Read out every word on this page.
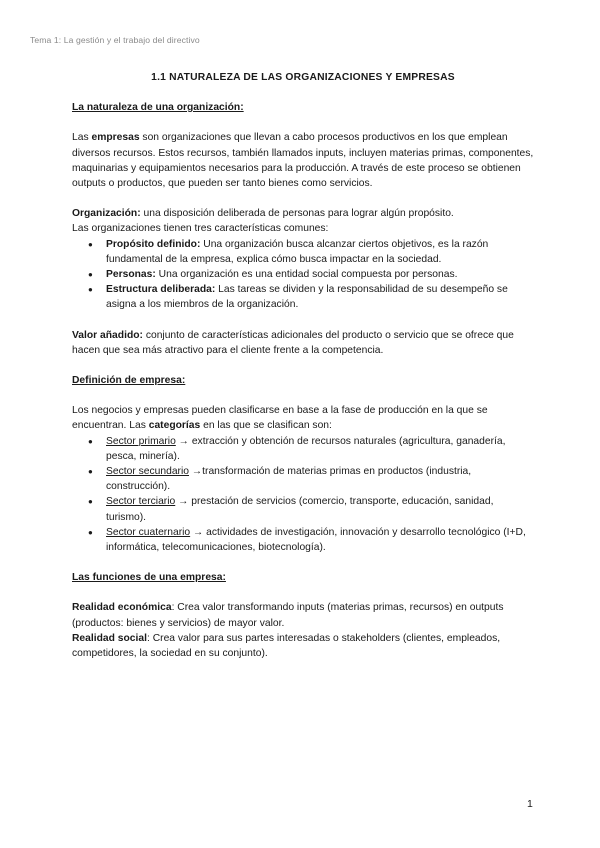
Tema 1: La gestión y el trabajo del directivo
1.1 NATURALEZA DE LAS ORGANIZACIONES Y EMPRESAS
La naturaleza de una organización:

Las empresas son organizaciones que llevan a cabo procesos productivos en los que emplean diversos recursos. Estos recursos, también llamados inputs, incluyen materias primas, componentes, maquinarias y equipamientos necesarios para la producción. A través de este proceso se obtienen outputs o productos, que pueden ser tanto bienes como servicios.

Organización: una disposición deliberada de personas para lograr algún propósito.

Las organizaciones tienen tres características comunes:

● Propósito definido: Una organización busca alcanzar ciertos objetivos, es la razón fundamental de la empresa, explica cómo busca impactar en la sociedad.
● Personas: Una organización es una entidad social compuesta por personas.
● Estructura deliberada: Las tareas se dividen y la responsabilidad de su desempeño se asigna a los miembros de la organización.

Valor añadido: conjunto de características adicionales del producto o servicio que se ofrece que hacen que sea más atractivo para el cliente frente a la competencia.

Definición de empresa:

Los negocios y empresas pueden clasificarse en base a la fase de producción en la que se encuentran. Las categorías en las que se clasifican son:

● Sector primario → extracción y obtención de recursos naturales (agricultura, ganadería, pesca, minería).
● Sector secundario →transformación de materias primas en productos (industria, construcción).
● Sector terciario → prestación de servicios (comercio, transporte, educación, sanidad, turismo).
● Sector cuaternario → actividades de investigación, innovación y desarrollo tecnológico (I+D, informática, telecomunicaciones, biotecnología).
Las funciones de una empresa:

Realidad económica: Crea valor transformando inputs (materias primas, recursos) en outputs (productos: bienes y servicios) de mayor valor.

Realidad social: Crea valor para sus partes interesadas o stakeholders (clientes, empleados, competidores, la sociedad en su conjunto).

1
